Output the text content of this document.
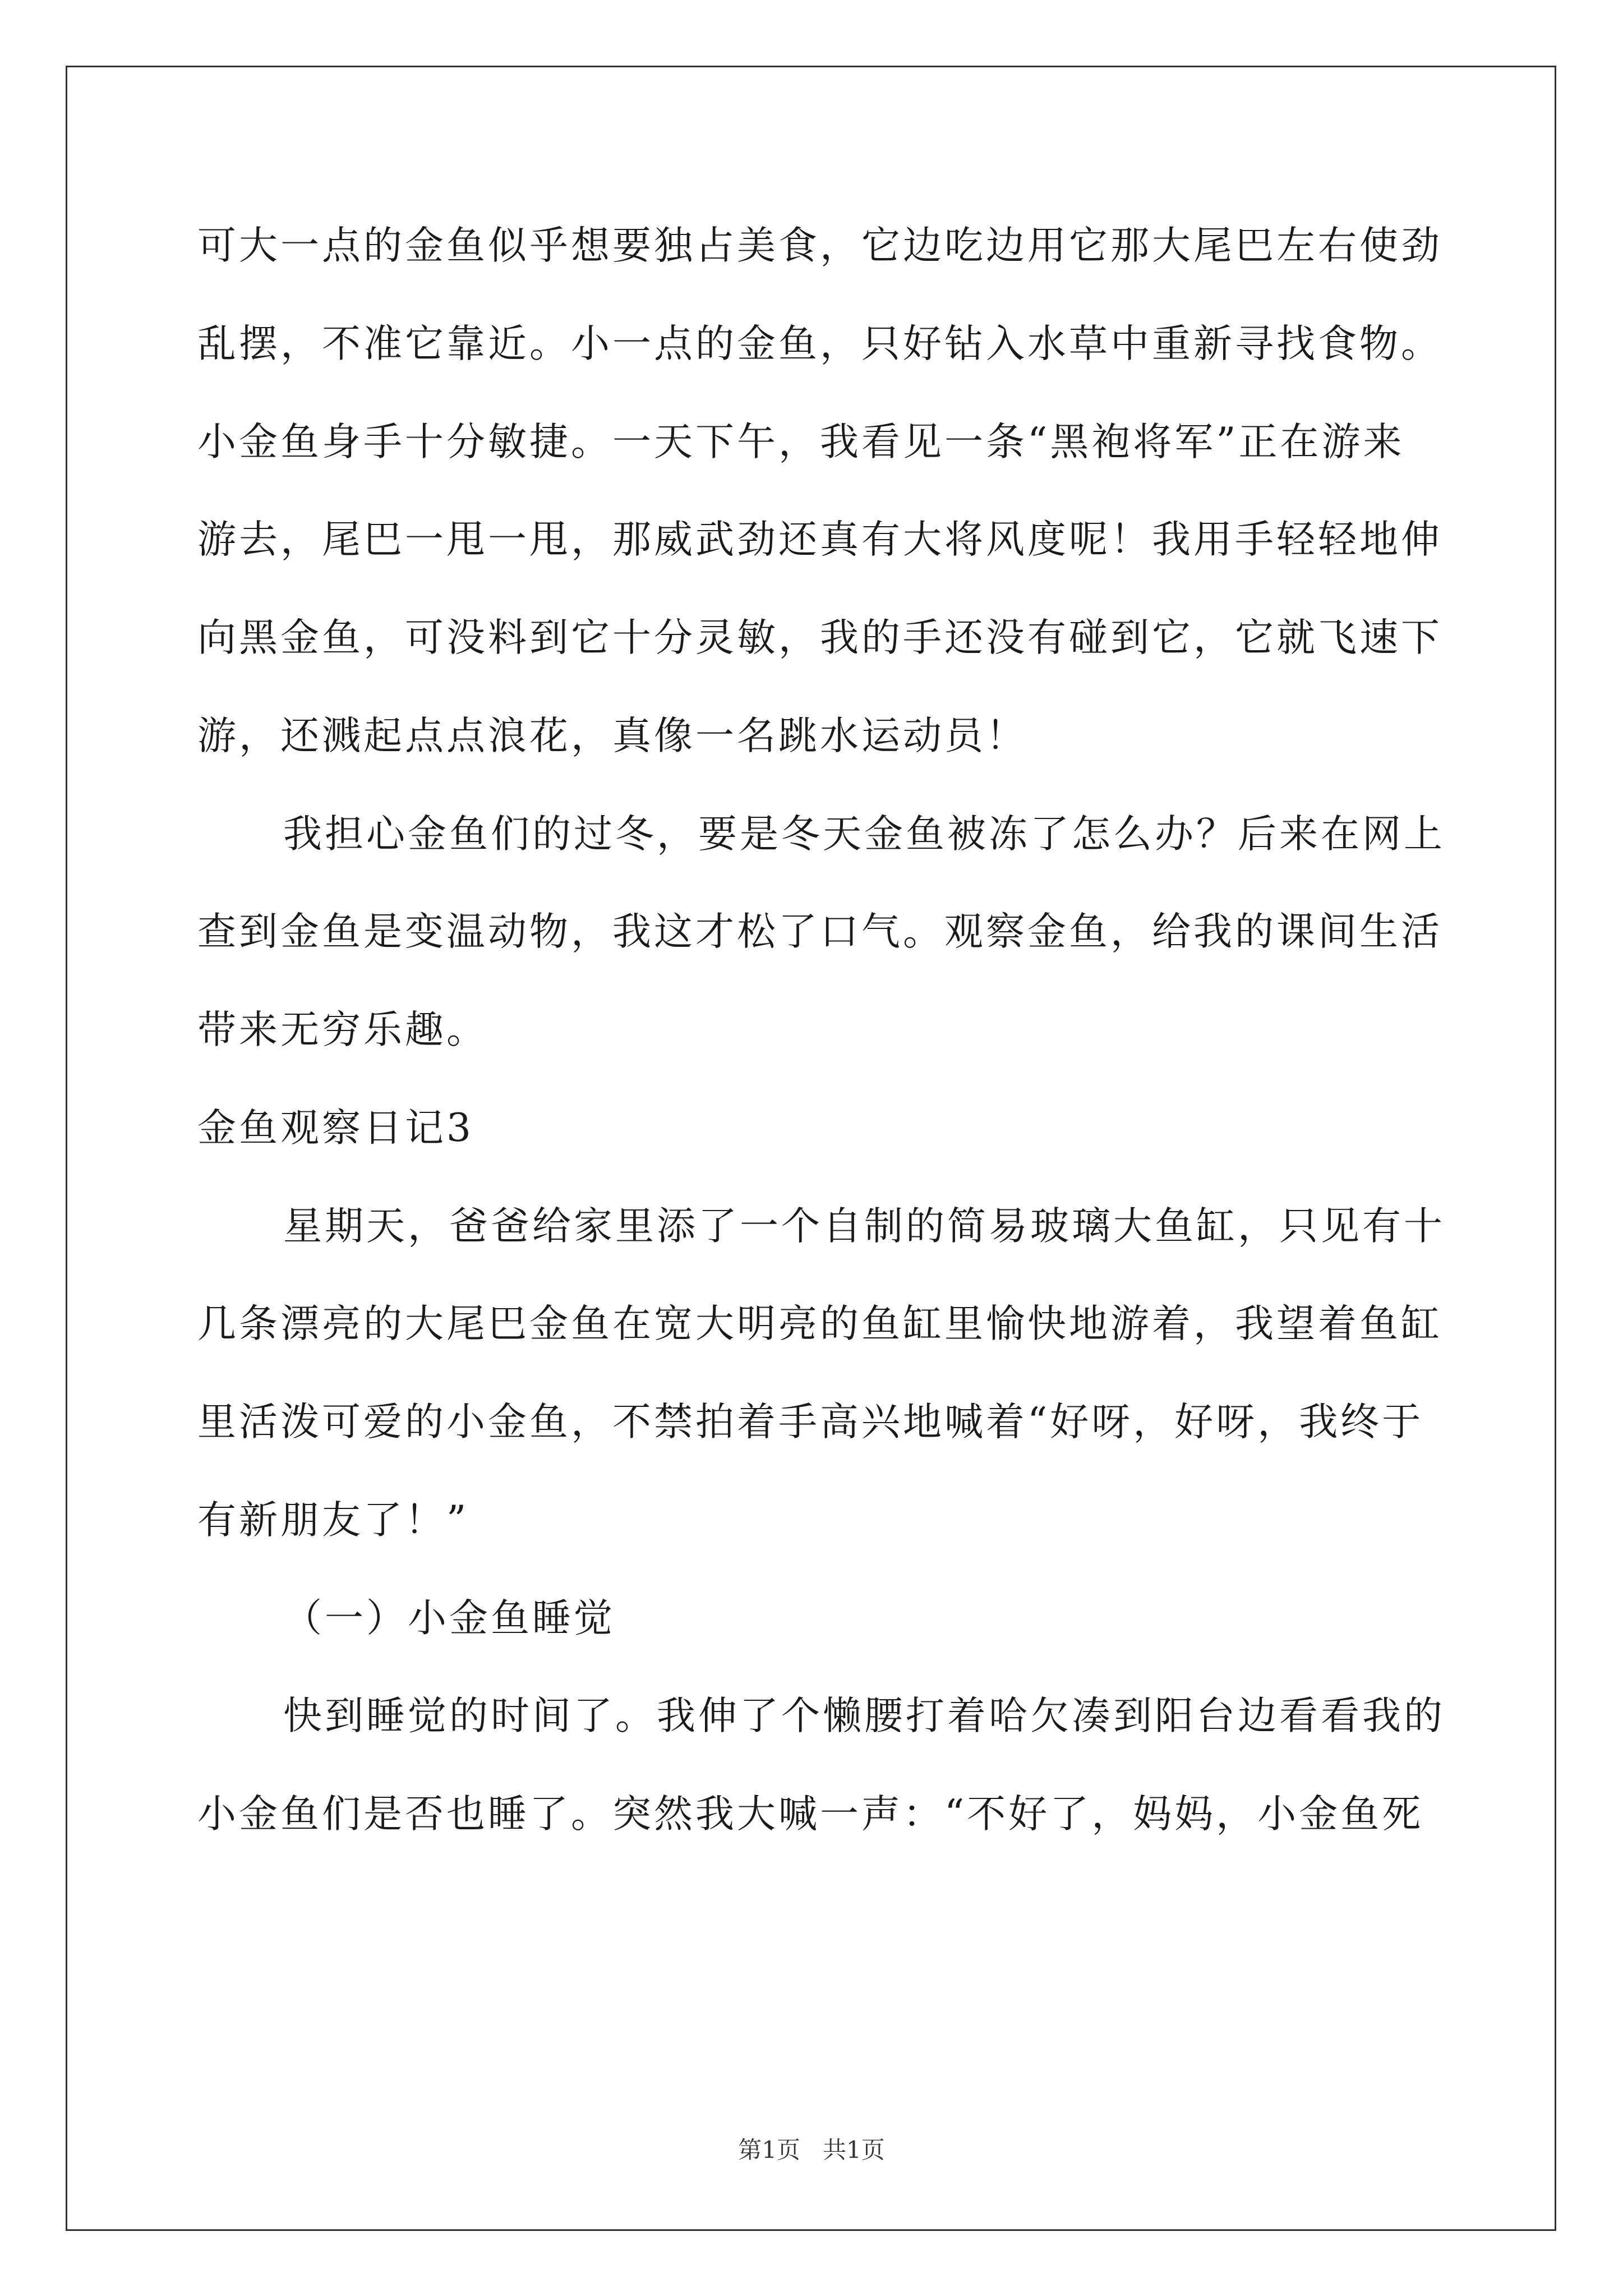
可大一点的金鱼似乎想要独占美食，它边吃边用它那大尾巴左右使劲
乱摆，不准它靠近。小一点的金鱼，只好钻入水草中重新寻找食物。
小金鱼身手十分敏捷。一天下午，我看见一条“黑袍将军”正在游来
游去，尾巴一甩一甩，那威武劲还真有大将风度呢！我用手轻轻地伸
向黑金鱼，可没料到它十分灵敏，我的手还没有碰到它，它就飞速下
游，还溅起点点浪花，真像一名跳水运动员！
我担心金鱼们的过冬，要是冬天金鱼被冻了怎么办？后来在网上
查到金鱼是变温动物，我这才松了口气。观察金鱼，给我的课间生活
带来无穷乐趣。
金鱼观察日记3
星期天，爸爸给家里添了一个自制的简易玻璃大鱼缸，只见有十
几条漂亮的大尾巴金鱼在宽大明亮的鱼缸里愉快地游着，我望着鱼缸
里活泼可爱的小金鱼，不禁拍着手高兴地喊着“好呀，好呀，我终于
有新朋友了！”
（一）小金鱼睡觉
快到睡觉的时间了。我伸了个懒腰打着哈欠凑到阳台边看看我的
小金鱼们是否也睡了。突然我大喊一声：“不好了，妈妈，小金鱼死
第1页   共1页
